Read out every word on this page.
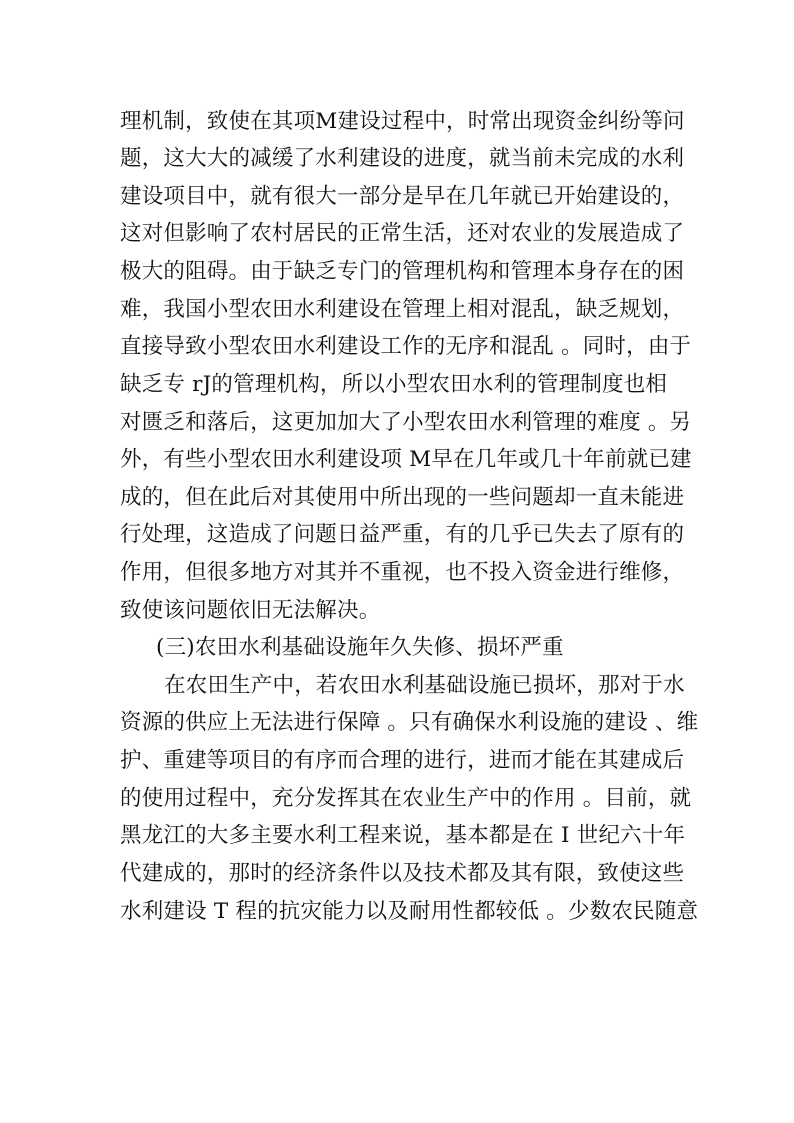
理机制，致使在其项M建设过程中，时常出现资金纠纷等问
题，这大大的减缓了水利建设的进度，就当前未完成的水利
建设项目中，就有很大一部分是早在几年就已开始建设的，
这对但影响了农村居民的正常生活，还对农业的发展造成了
极大的阻碍。由于缺乏专门的管理机构和管理本身存在的困
难，我国小型农田水利建设在管理上相对混乱，缺乏规划，
直接导致小型农田水利建设工作的无序和混乱 。同时，由于
缺乏专 rJ的管理机构，所以小型农田水利的管理制度也相
对匮乏和落后，这更加加大了小型农田水利管理的难度 。另
外，有些小型农田水利建设项 M早在几年或几十年前就已建
成的，但在此后对其使用中所出现的一些问题却一直未能进
行处理，这造成了问题日益严重，有的几乎已失去了原有的
作用，但很多地方对其并不重视，也不投入资金进行维修，
致使该问题依旧无法解决。
(三)农田水利基础设施年久失修、损坏严重
在农田生产中，若农田水利基础设施已损坏，那对于水
资源的供应上无法进行保障 。只有确保水利设施的建设 、维
护、重建等项目的有序而合理的进行，进而才能在其建成后
的使用过程中，充分发挥其在农业生产中的作用 。目前，就
黑龙江的大多主要水利工程来说，基本都是在 I 世纪六十年
代建成的，那时的经济条件以及技术都及其有限，致使这些
水利建设 T 程的抗灾能力以及耐用性都较低 。少数农民随意
